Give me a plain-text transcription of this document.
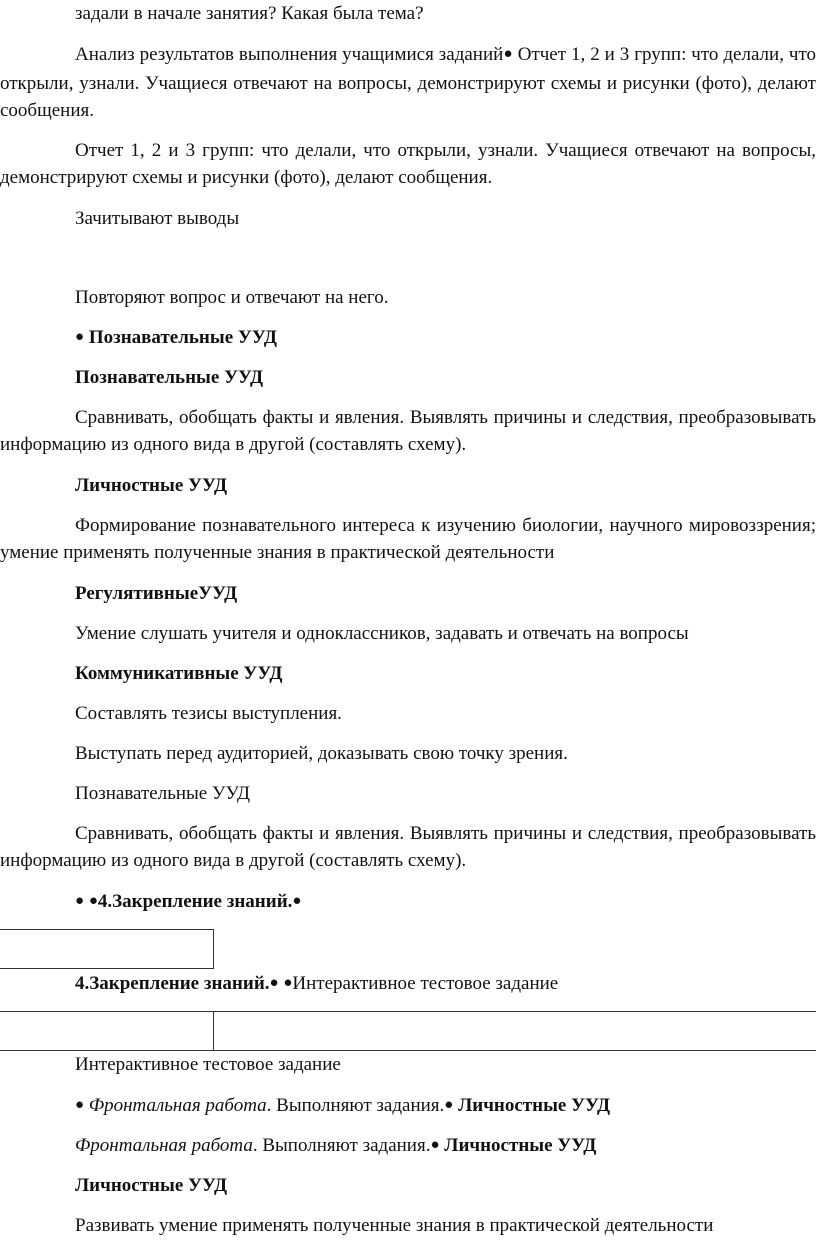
задали в начале занятия? Какая была тема?
Анализ результатов выполнения учащимися заданий● Отчет 1, 2 и 3 групп: что делали, что открыли, узнали. Учащиеся отвечают на вопросы, демонстрируют схемы и рисунки (фото), делают сообщения.
Отчет 1, 2 и 3 групп: что делали, что открыли, узнали. Учащиеся отвечают на вопросы, демонстрируют схемы и рисунки (фото), делают сообщения.
Зачитывают выводы
Повторяют вопрос и отвечают на него.
● Познавательные УУД
Познавательные УУД
Сравнивать, обобщать факты и явления. Выявлять причины и следствия, преобразовывать информацию из одного вида в другой (составлять схему).
Личностные УУД
Формирование познавательного интереса к изучению биологии, научного мировоззрения; умение применять полученные знания в практической деятельности
РегулятивныеУУД
Умение слушать учителя и одноклассников, задавать и отвечать на вопросы
Коммуникативные УУД
Составлять тезисы выступления.
Выступать перед аудиторией, доказывать свою точку зрения.
Познавательные УУД
Сравнивать, обобщать факты и явления. Выявлять причины и следствия, преобразовывать информацию из одного вида в другой (составлять схему).
● ●4.Закрепление знаний.●
4.Закрепление знаний.● ●Интерактивное тестовое задание
Интерактивное тестовое задание
● Фронтальная работа. Выполняют задания.● Личностные УУД
Фронтальная работа. Выполняют задания.● Личностные УУД
Личностные УУД
Развивать умение применять полученные знания в практической деятельности
